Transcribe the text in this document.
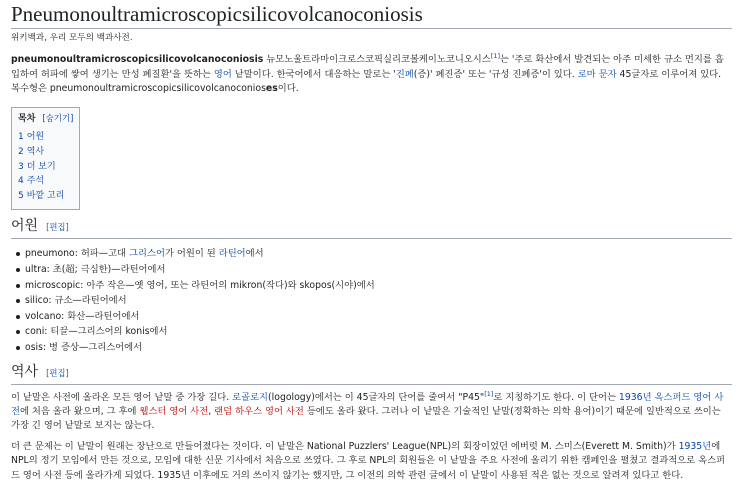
Pneumonoultramicroscopicsilicovolcanoconiosis
위키백과, 우리 모두의 백과사전.

pneumonoultramicroscopicsilicovolcanoconiosis 뉴모노울트라마이크로스코픽실리코볼케이노코니오시스[1]는 '주로 화산에서 발견되는 아주 미세한 규소 먼지를 흡입하여 허파에 쌓여 생기는 만성 폐질환'을 뜻하는 영어 낱말이다. 한국어에서 대응하는 말로는 '진폐(증)' 폐진증' 또는 '규성 진폐증'이 있다. 로마 문자 45글자로 이루어져 있다. 복수형은 pneumonoultramicroscopicsilicovolcanoconioses이다.

목차 [숨기기]
1 어원
2 역사
3 더 보기
4 주석
5 바깥 고리
어원 [편집]
pneumono: 허파—고대 그리스어가 어원이 된 라틴어에서
ultra: 초(超; 극심한)—라틴어에서
microscopic: 아주 작은—옛 영어, 또는 라틴어의 mikron(작다)와 skopos(시야)에서
silico: 규소—라틴어에서
volcano: 화산—라틴어에서
coni: 티끌—그리스어의 konis에서
osis: 병 증상—그리스어에서
역사 [편집]

이 낱말은 사전에 올라온 모든 영어 낱말 중 가장 길다. 로골로지(logology)에서는 이 45글자의 단어를 줄여서 "P45"[1]로 지칭하기도 한다. 이 단어는 1936년 옥스퍼드 영어 사전에 처음 올라 왔으며, 그 후에 웹스터 영어 사전, 랜덤 하우스 영어 사전 등에도 올라 왔다. 그러나 이 낱말은 기술적인 낱말(정확하는 의학 용어)이기 때문에 일반적으로 쓰이는 가장 긴 영어 낱말로 보지는 않는다.

더 큰 문제는 이 낱말이 원래는 장난으로 만들어졌다는 것이다. 이 낱말은 National Puzzlers' League(NPL)의 회장이었던 에버럿 M. 스미스(Everett M. Smith)가 1935년에 NPL의 정기 모임에서 만든 것으로, 모임에 대한 신문 기사에서 처음으로 쓰였다. 그 후로 NPL의 회원들은 이 낱말을 주요 사전에 올리기 위한 캠페인을 펼쳤고 결과적으로 옥스퍼드 영어 사전 등에 올라가게 되었다. 1935년 이후에도 거의 쓰이지 않기는 했지만, 그 이전의 의학 관련 글에서 이 낱말이 사용된 적은 없는 것으로 알려져 있다고 한다.
